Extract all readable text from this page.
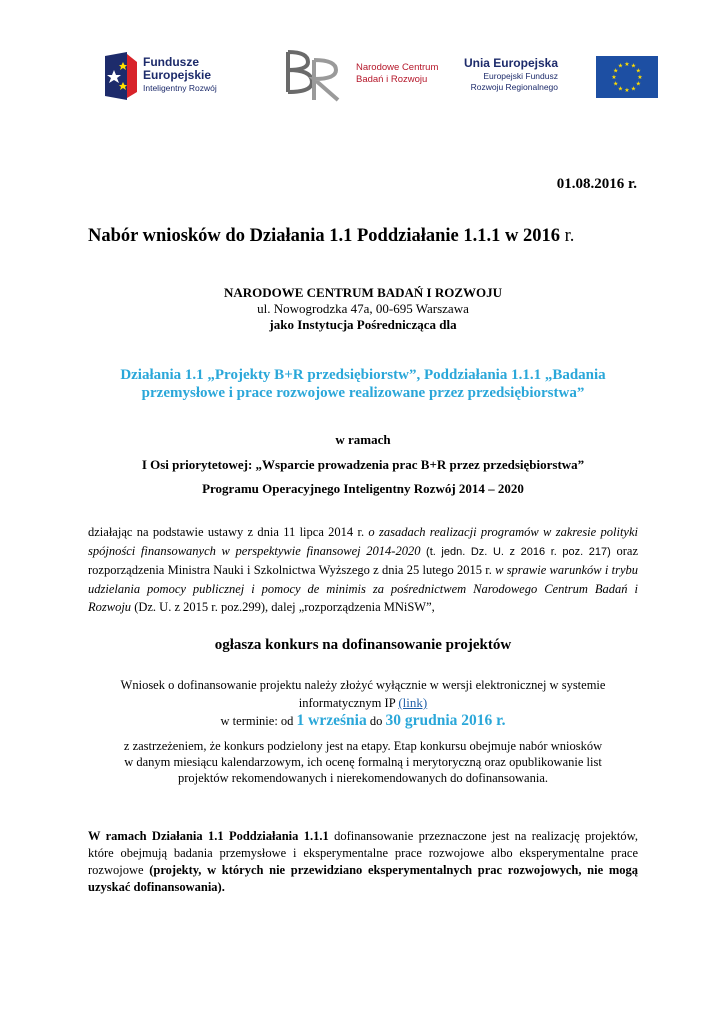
Fundusze
Europejskie
Inteligentny Rozwój
Narodowe Centrum
Badań i Rozwoju
Unia Europejska
Europejski Fundusz
Rozwoju Regionalnego
★ ★
★
★
★
★
★
★
★
★
★
★
01.08.2016 r.
Nabór wniosków do Działania 1.1 Poddziałanie 1.1.1 w 2016 r.
NARODOWE CENTRUM BADAŃ I ROZWOJU
ul. Nowogrodzka 47a, 00-695 Warszawa
jako Instytucja Pośrednicząca dla
Działania 1.1 „Projekty B+R przedsiębiorstw”, Poddziałania 1.1.1 „Badania
przemysłowe i prace rozwojowe realizowane przez przedsiębiorstwa”
w ramach
I Osi priorytetowej: „Wsparcie prowadzenia prac B+R przez przedsiębiorstwa”
Programu Operacyjnego Inteligentny Rozwój 2014 – 2020
działając na podstawie ustawy z dnia 11 lipca 2014 r. o zasadach realizacji programów w zakresie polityki spójności finansowanych w perspektywie finansowej 2014-2020 (t. jedn. Dz. U. z 2016 r. poz. 217) oraz rozporządzenia Ministra Nauki i Szkolnictwa Wyższego z dnia 25 lutego 2015 r. w sprawie warunków i trybu udzielania pomocy publicznej i pomocy de minimis za pośrednictwem Narodowego Centrum Badań i Rozwoju (Dz. U. z 2015 r. poz.299), dalej „rozporządzenia MNiSW”,
ogłasza konkurs na dofinansowanie projektów
Wniosek o dofinansowanie projektu należy złożyć wyłącznie w wersji elektronicznej w systemie
informatycznym IP (link)
w terminie: od 1 września do 30 grudnia 2016 r.
z zastrzeżeniem, że konkurs podzielony jest na etapy. Etap konkursu obejmuje nabór wniosków
w danym miesiącu kalendarzowym, ich ocenę formalną i merytoryczną oraz opublikowanie list
projektów rekomendowanych i nierekomendowanych do dofinansowania.
W ramach Działania 1.1 Poddziałania 1.1.1 dofinansowanie przeznaczone jest na realizację projektów, które obejmują badania przemysłowe i eksperymentalne prace rozwojowe albo eksperymentalne prace rozwojowe (projekty, w których nie przewidziano eksperymentalnych prac rozwojowych, nie mogą uzyskać dofinansowania).
